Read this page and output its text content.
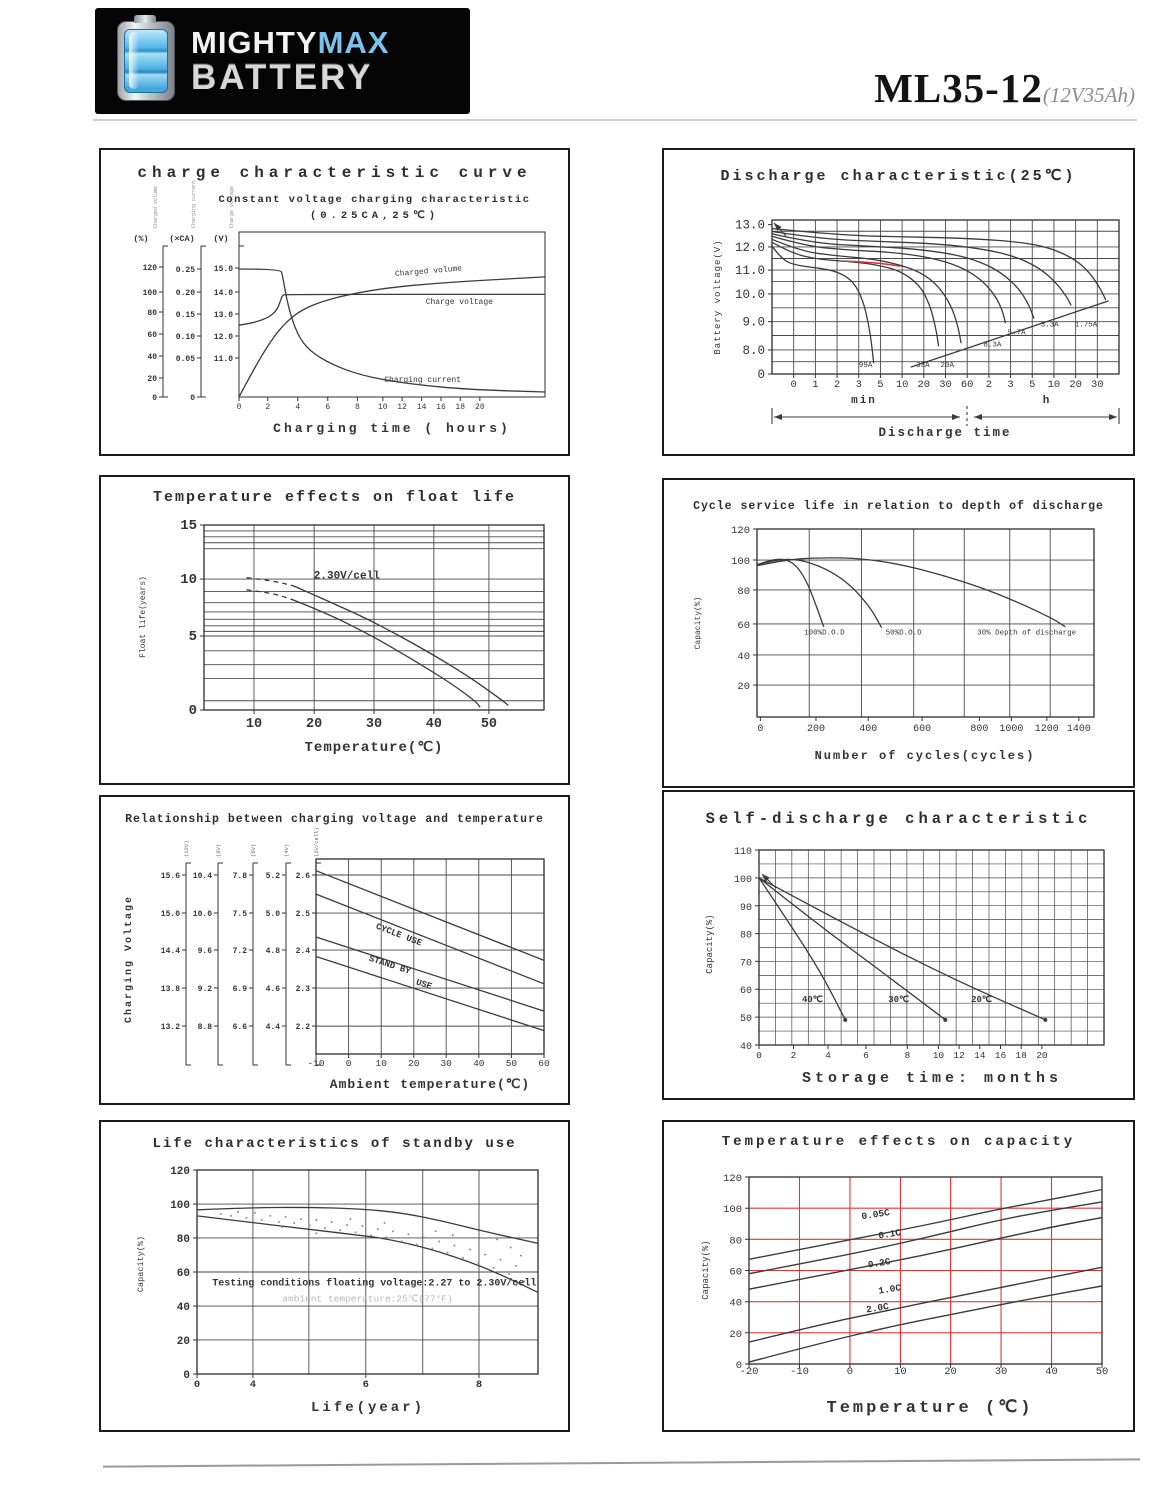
MIGHTYMAX
BATTERY	ML35-12(12V35Ah)
120
100
80
60
40
20
0
(%)
0.25
0.20
0.15
0.10
0.05
0
(×CA)
15.0
14.0
13.0
12.0
11.0
(V)
0	2	4	6	8 10 12 14 16 18 20
Charged volume
Charge voltage
Charging current
Charged volume	Charging current	Charge voltage
Charging time ( hours)
charge characteristic curve
Constant voltage charging characteristic
(0.25CA,25℃)
13.0
12.0
11.0
10.0
9.0
8.0
0
0 1 2 3 5 10 20 30 60 2 3 5 10 20 30
99A	33A 20A
8.3A
5.7A
3.3A 1.75A
min	h
Discharge time
Battery voltage(V)
Discharge characteristic(25℃)
15
10
5
0
10	20	30	40	50
2.30V/cell
Float life(years)
Temperature(℃)
Temperature effects on float life
120
100
80
60
40
20
0	200	400	600	800 1000 1200 1400
100%D.O.D	50%D.O.D	30% Depth of discharge
Capacity(%)
Number of cycles(cycles)
Cycle service life in relation to depth of discharge
15.6
15.0
14.4
13.8
13.2
(12V)
10.4
10.0
9.6
9.2
8.8
(8V)
7.8
7.5
7.2
6.9
6.6
(6V)
5.2
5.0
4.8
4.6
4.4
(4V)
2.6
2.5
2.4
2.3
2.2
(2V/cell)
-10 0	10 20 30 40 50 60
CYCLE USE
STAND BY
USE
Charging Voltage
Ambient temperature(℃)
Relationship between charging voltage and temperature
110
100
90
80
70
60
50
40
0	2	4	6	8 10 12 14 16 18 20
40℃	30℃	20℃
Capacity(%)
Storage time: months
Self-discharge characteristic
120
100
80
60
40
20
0
0	4	6	8
Testing conditions floating voltage:2.27 to 2.30V/cell
ambient temperature:25℃(77°F)
Capacity(%)
Life(year)
Life characteristics of standby use
120
100
80
60
40
20
0
-20	-10	0	10	20	30	40	50
0.05C
0.1C
0.2C
1.0C
2.0C
Capacity(%)
Temperature (℃)
Temperature effects on capacity
